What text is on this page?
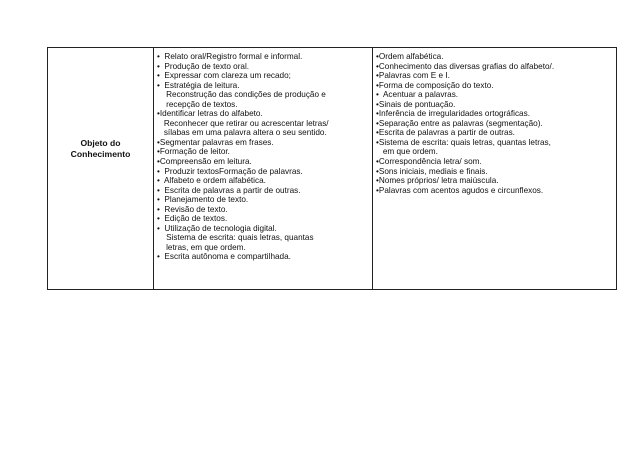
Objeto do
Conhecimento

•  Relato oral/Registro formal e informal.

•  Produção de texto oral.

•  Expressar com clareza um recado;

•  Estratégia de leitura.

Reconstrução das condições de produção e

recepção de textos.

•Identificar letras do alfabeto.

Reconhecer que retirar ou acrescentar letras/

sílabas em uma palavra altera o seu sentido.

•Segmentar palavras em frases.

•Formação de leitor.

•Compreensão em leitura.

•  Produzir textosFormação de palavras.

•  Alfabeto e ordem alfabética.

•  Escrita de palavras a partir de outras.

•  Planejamento de texto.

•  Revisão de texto.

•  Edição de textos.

•  Utilização de tecnologia digital.

Sistema de escrita: quais letras, quantas

letras, em que ordem.

•  Escrita autônoma e compartilhada.

•Ordem alfabética.

•Conhecimento das diversas grafias do alfabeto/.

•Palavras com E e I.

•Forma de composição do texto.

•  Acentuar a palavras.

•Sinais de pontuação.

•Inferência de irregularidades ortográficas.

•Separação entre as palavras (segmentação).

•Escrita de palavras a partir de outras.

•Sistema de escrita: quais letras, quantas letras,

em que ordem.

•Correspondência letra/ som.

•Sons iniciais, mediais e finais.

•Nomes próprios/ letra maiúscula.

•Palavras com acentos agudos e circunflexos.
